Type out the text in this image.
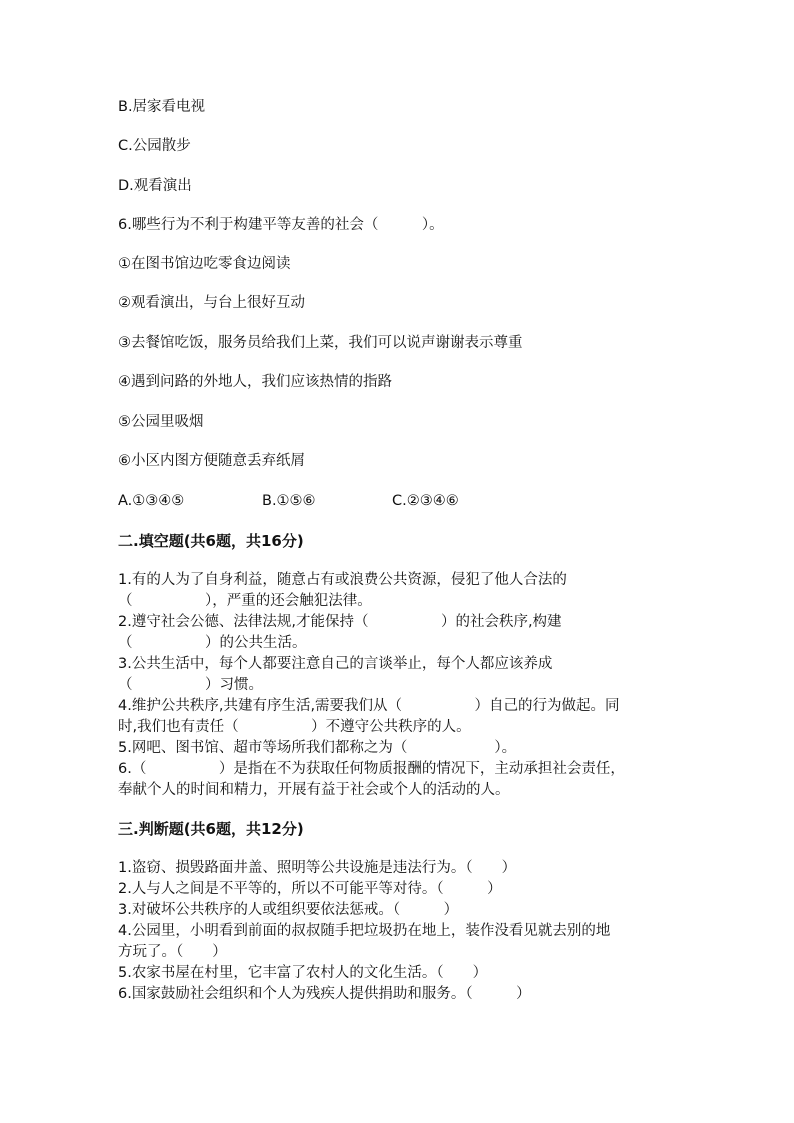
B.居家看电视
C.公园散步
D.观看演出
6.哪些行为不利于构建平等友善的社会（　　　）。
①在图书馆边吃零食边阅读
②观看演出，与台上很好互动
③去餐馆吃饭，服务员给我们上菜，我们可以说声谢谢表示尊重
④遇到问路的外地人，我们应该热情的指路
⑤公园里吸烟
⑥小区内图方便随意丢弃纸屑
A.①③④⑤	B.①⑤⑥	C.②③④⑥
二.填空题(共6题，共16分)
1.有的人为了自身利益，随意占有或浪费公共资源，侵犯了他人合法的
（　　　　　），严重的还会触犯法律。
2.遵守社会公德、法律法规,才能保持（　　　　　）的社会秩序,构建
（　　　　　）的公共生活。
3.公共生活中，每个人都要注意自己的言谈举止，每个人都应该养成
（　　　　　）习惯。
4.维护公共秩序,共建有序生活,需要我们从（　　　　　）自己的行为做起。同
时,我们也有责任（　　　　　）不遵守公共秩序的人。
5.网吧、图书馆、超市等场所我们都称之为（　　　　　　）。
6.（　　　　　）是指在不为获取任何物质报酬的情况下，主动承担社会责任，
奉献个人的时间和精力，开展有益于社会或个人的活动的人。
三.判断题(共6题，共12分)
1.盗窃、损毁路面井盖、照明等公共设施是违法行为。（　　）
2.人与人之间是不平等的，所以不可能平等对待。（　　　）
3.对破坏公共秩序的人或组织要依法惩戒。（　　　）
4.公园里，小明看到前面的叔叔随手把垃圾扔在地上，装作没看见就去别的地
方玩了。（　　）
5.农家书屋在村里，它丰富了农村人的文化生活。（　　）
6.国家鼓励社会组织和个人为残疾人提供捐助和服务。（　　　）
